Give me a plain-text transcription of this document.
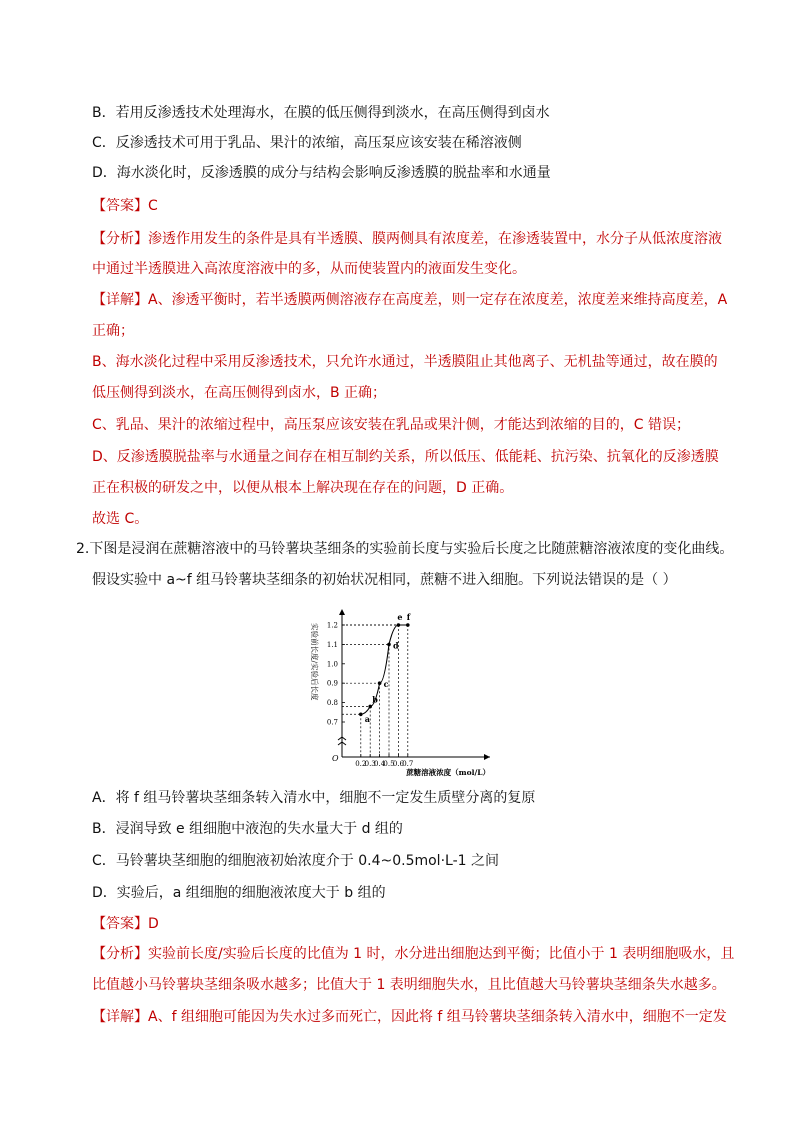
B．若用反渗透技术处理海水，在膜的低压侧得到淡水，在高压侧得到卤水
C．反渗透技术可用于乳品、果汁的浓缩，高压泵应该安装在稀溶液侧
D．海水淡化时，反渗透膜的成分与结构会影响反渗透膜的脱盐率和水通量
【答案】C
【分析】渗透作用发生的条件是具有半透膜、膜两侧具有浓度差，在渗透装置中，水分子从低浓度溶液
中通过半透膜进入高浓度溶液中的多，从而使装置内的液面发生变化。
【详解】A、渗透平衡时，若半透膜两侧溶液存在高度差，则一定存在浓度差，浓度差来维持高度差，A
正确；
B、海水淡化过程中采用反渗透技术，只允许水通过，半透膜阻止其他离子、无机盐等通过，故在膜的
低压侧得到淡水，在高压侧得到卤水，B 正确；
C、乳品、果汁的浓缩过程中，高压泵应该安装在乳品或果汁侧，才能达到浓缩的目的，C 错误；
D、反渗透膜脱盐率与水通量之间存在相互制约关系，所以低压、低能耗、抗污染、抗氧化的反渗透膜
正在积极的研发之中，以便从根本上解决现在存在的问题，D 正确。
故选 C。
2.下图是浸润在蔗糖溶液中的马铃薯块茎细条的实验前长度与实验后长度之比随蔗糖溶液浓度的变化曲线。
假设实验中 a~f 组马铃薯块茎细条的初始状况相同，蔗糖不进入细胞。下列说法错误的是（ ）
O
0.7
0.8
0.9
1.0
1.1
1.2
0.2
0.3
0.4
0.5
0.6
0.7
a
b
c
d
e f
实验前长度/实验后长度
蔗糖溶液浓度（mol/L）
A．将 f 组马铃薯块茎细条转入清水中，细胞不一定发生质壁分离的复原
B．浸润导致 e 组细胞中液泡的失水量大于 d 组的
C．马铃薯块茎细胞的细胞液初始浓度介于 0.4~0.5mol·L-1 之间
D．实验后，a 组细胞的细胞液浓度大于 b 组的
【答案】D
【分析】实验前长度/实验后长度的比值为 1 时，水分进出细胞达到平衡；比值小于 1 表明细胞吸水，且
比值越小马铃薯块茎细条吸水越多；比值大于 1 表明细胞失水，且比值越大马铃薯块茎细条失水越多。
【详解】A、f 组细胞可能因为失水过多而死亡，因此将 f 组马铃薯块茎细条转入清水中，细胞不一定发
